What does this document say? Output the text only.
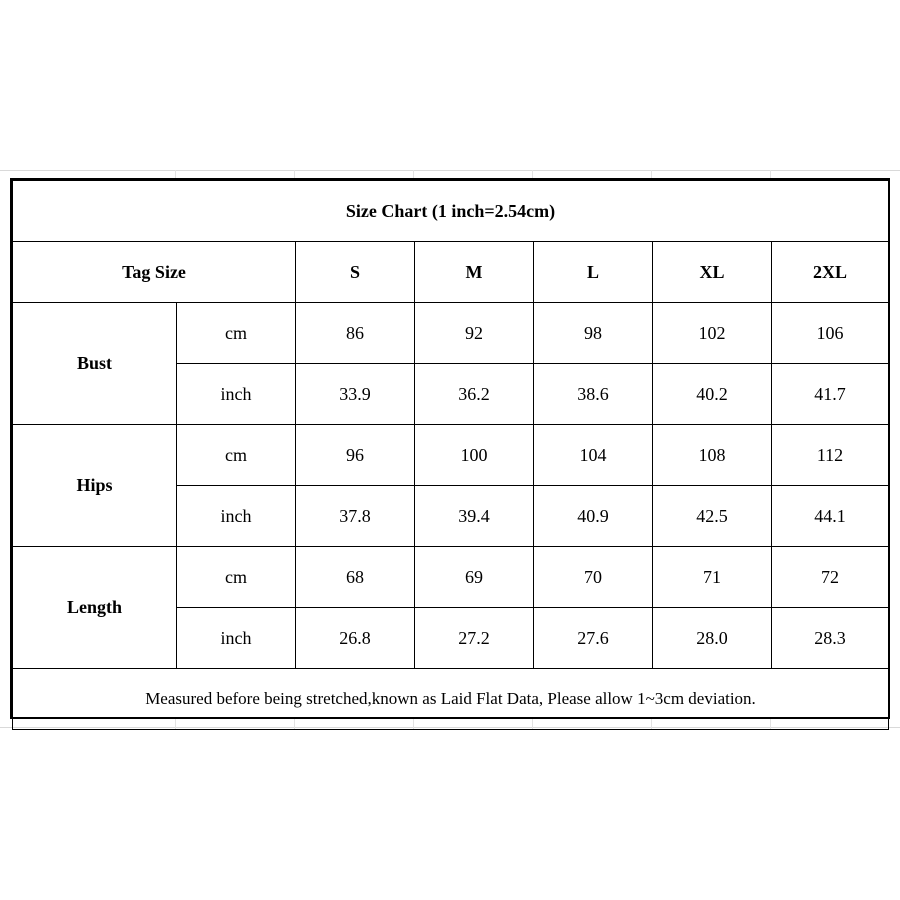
Size Chart (1 inch=2.54cm)						
Tag Size		S	M	L	XL	2XL
Bust	cm	86	92	98	102	106
	inch	33.9	36.2	38.6	40.2	41.7
Hips	cm	96	100	104	108	112
	inch	37.8	39.4	40.9	42.5	44.1
Length	cm	68	69	70	71	72
	inch	26.8	27.2	27.6	28.0	28.3
Measured before being stretched,known as Laid Flat Data, Please allow 1~3cm deviation.						
